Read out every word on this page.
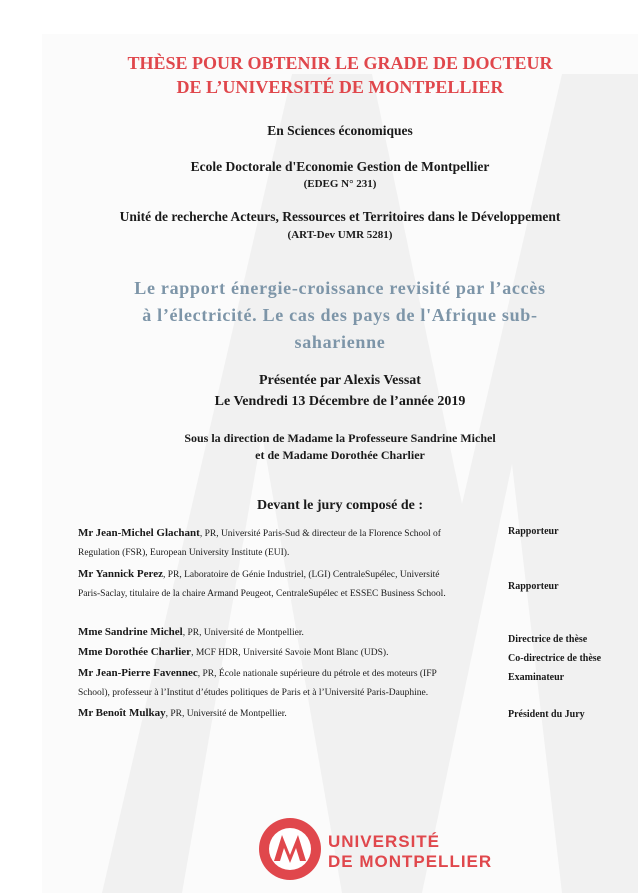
THÈSE POUR OBTENIR LE GRADE DE DOCTEUR
DE L’UNIVERSITÉ DE MONTPELLIER
En Sciences économiques
Ecole Doctorale d'Economie Gestion de Montpellier
(EDEG N° 231)
Unité de recherche Acteurs, Ressources et Territoires dans le Développement
(ART-Dev UMR 5281)
Le rapport énergie-croissance revisité par l’accès
à l’électricité. Le cas des pays de l'Afrique sub-
saharienne
Présentée par Alexis Vessat
Le Vendredi 13 Décembre de l’année 2019
Sous la direction de Madame la Professeure Sandrine Michel
et de Madame Dorothée Charlier
Devant le jury composé de :
Mr Jean-Michel Glachant, PR, Université Paris-Sud & directeur de la Florence School of
Regulation (FSR), European University Institute (EUI).
Rapporteur
Mr Yannick Perez, PR, Laboratoire de Génie Industriel, (LGI) CentraleSupélec, Université
Paris-Saclay, titulaire de la chaire Armand Peugeot, CentraleSupélec et ESSEC Business School.
Rapporteur
Mme Sandrine Michel, PR, Université de Montpellier.
Directrice de thèse
Mme Dorothée Charlier, MCF HDR, Université Savoie Mont Blanc (UDS).	Co-directrice de thèse
Mr Jean-Pierre Favennec, PR, École nationale supérieure du pétrole et des moteurs (IFP
School), professeur à l’Institut d’études politiques de Paris et à l’Université Paris-Dauphine.
Examinateur
Mr Benoît Mulkay, PR, Université de Montpellier.	Président du Jury
UNIVERSITÉ
DE MONTPELLIER
